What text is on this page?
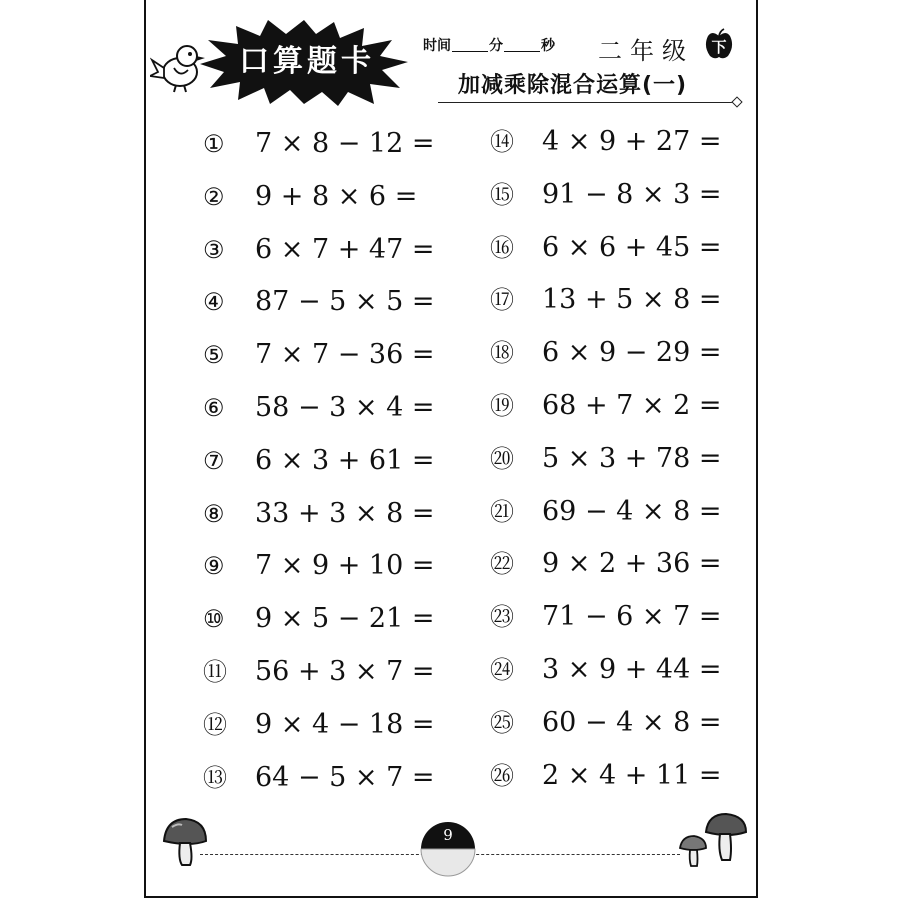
口算题卡	时间	分	秒 二年级 下
加减乘除混合运算(一)
① 7 × 8 − 12 =
② 9 + 8 × 6 =
③ 6 × 7 + 47 =
④ 87 − 5 × 5 =
⑤ 7 × 7 − 36 =
⑥ 58 − 3 × 4 =
⑦ 6 × 3 + 61 =
⑧ 33 + 3 × 8 =
⑨ 7 × 9 + 10 =
⑩ 9 × 5 − 21 =
⑪ 56 + 3 × 7 =
⑫ 9 × 4 − 18 =
⑬ 64 − 5 × 7 =
⑭ 4 × 9 + 27 =
⑮ 91 − 8 × 3 =
⑯ 6 × 6 + 45 =
⑰ 13 + 5 × 8 =
⑱ 6 × 9 − 29 =
⑲ 68 + 7 × 2 =
⑳ 5 × 3 + 78 =
㉑ 69 − 4 × 8 =
㉒ 9 × 2 + 36 =
㉓ 71 − 6 × 7 =
㉔ 3 × 9 + 44 =
㉕ 60 − 4 × 8 =
㉖ 2 × 4 + 11 =
9
